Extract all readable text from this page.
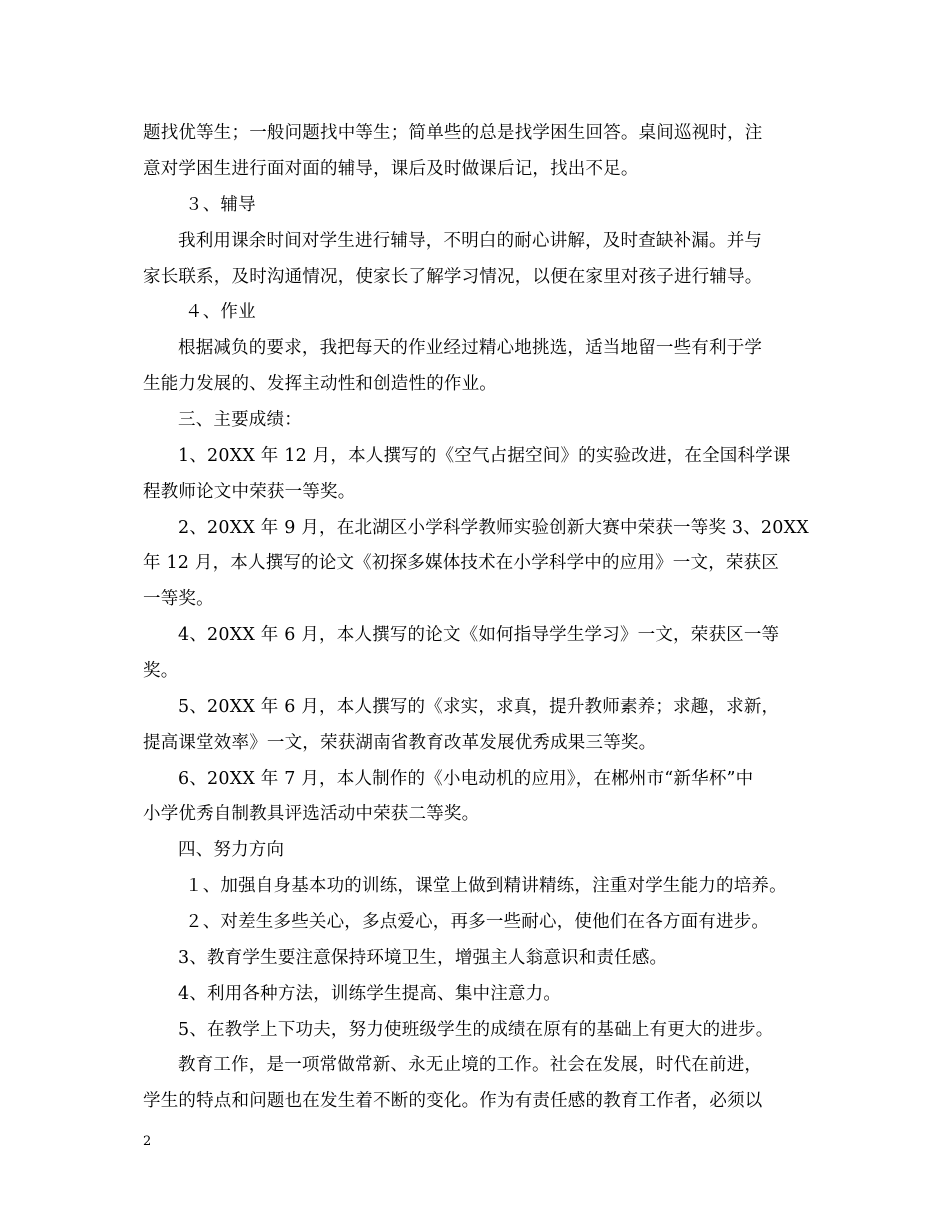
题找优等生；一般问题找中等生；简单些的总是找学困生回答。桌间巡视时，注
意对学困生进行面对面的辅导，课后及时做课后记，找出不足。
３、辅导
我利用课余时间对学生进行辅导，不明白的耐心讲解，及时查缺补漏。并与
家长联系，及时沟通情况，使家长了解学习情况，以便在家里对孩子进行辅导。
４、作业
根据减负的要求，我把每天的作业经过精心地挑选，适当地留一些有利于学
生能力发展的、发挥主动性和创造性的作业。
三、主要成绩：
1、20XX 年 12 月，本人撰写的《空气占据空间》的实验改进，在全国科学课
程教师论文中荣获一等奖。
2、20XX 年 9 月，在北湖区小学科学教师实验创新大赛中荣获一等奖 3、20XX
年 12 月，本人撰写的论文《初探多媒体技术在小学科学中的应用》一文，荣获区
一等奖。
4、20XX 年 6 月，本人撰写的论文《如何指导学生学习》一文，荣获区一等
奖。
5、20XX 年 6 月，本人撰写的《求实，求真，提升教师素养；求趣，求新，
提高课堂效率》一文，荣获湖南省教育改革发展优秀成果三等奖。
6、20XX 年 7 月，本人制作的《小电动机的应用》，在郴州市“新华杯”中
小学优秀自制教具评选活动中荣获二等奖。
四、努力方向
１、加强自身基本功的训练，课堂上做到精讲精练，注重对学生能力的培养。
２、对差生多些关心，多点爱心，再多一些耐心，使他们在各方面有进步。
3、教育学生要注意保持环境卫生，增强主人翁意识和责任感。
4、利用各种方法，训练学生提高、集中注意力。
5、在教学上下功夫，努力使班级学生的成绩在原有的基础上有更大的进步。
教育工作，是一项常做常新、永无止境的工作。社会在发展，时代在前进，
学生的特点和问题也在发生着不断的变化。作为有责任感的教育工作者，必须以
2
